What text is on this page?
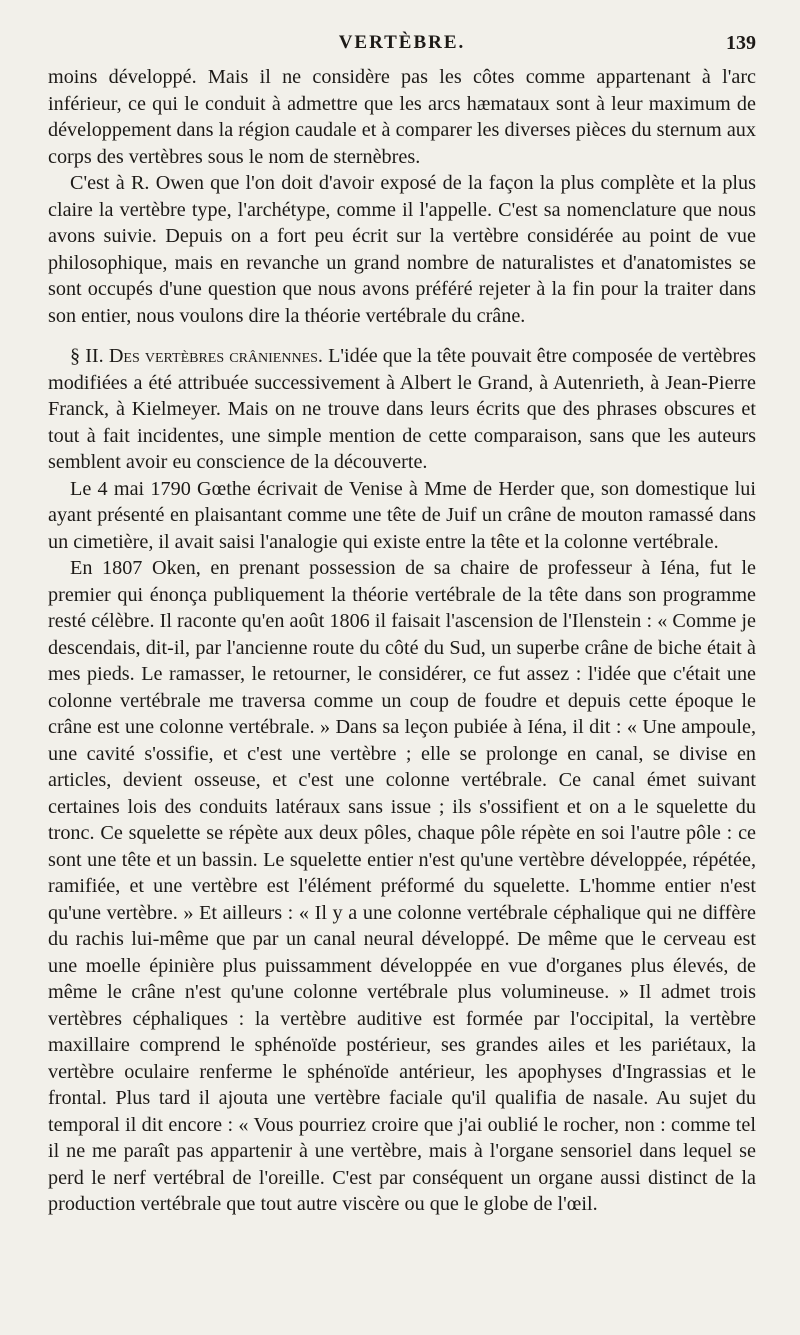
VERTÈBRE.	139

moins développé. Mais il ne considère pas les côtes comme appartenant à l'arc inférieur, ce qui le conduit à admettre que les arcs hæmataux sont à leur maximum de développement dans la région caudale et à comparer les diverses pièces du sternum aux corps des vertèbres sous le nom de sternèbres.

C'est à R. Owen que l'on doit d'avoir exposé de la façon la plus complète et la plus claire la vertèbre type, l'archétype, comme il l'appelle. C'est sa nomenclature que nous avons suivie. Depuis on a fort peu écrit sur la vertèbre considérée au point de vue philosophique, mais en revanche un grand nombre de naturalistes et d'anatomistes se sont occupés d'une question que nous avons préféré rejeter à la fin pour la traiter dans son entier, nous voulons dire la théorie vertébrale du crâne.

§ II. Des vertèbres crâniennes. L'idée que la tête pouvait être composée de vertèbres modifiées a été attribuée successivement à Albert le Grand, à Autenrieth, à Jean-Pierre Franck, à Kielmeyer. Mais on ne trouve dans leurs écrits que des phrases obscures et tout à fait incidentes, une simple mention de cette comparaison, sans que les auteurs semblent avoir eu conscience de la découverte.

Le 4 mai 1790 Gœthe écrivait de Venise à Mme de Herder que, son domestique lui ayant présenté en plaisantant comme une tête de Juif un crâne de mouton ramassé dans un cimetière, il avait saisi l'analogie qui existe entre la tête et la colonne vertébrale.

En 1807 Oken, en prenant possession de sa chaire de professeur à Iéna, fut le premier qui énonça publiquement la théorie vertébrale de la tête dans son programme resté célèbre. Il raconte qu'en août 1806 il faisait l'ascension de l'Ilenstein : « Comme je descendais, dit-il, par l'ancienne route du côté du Sud, un superbe crâne de biche était à mes pieds. Le ramasser, le retourner, le considérer, ce fut assez : l'idée que c'était une colonne vertébrale me traversa comme un coup de foudre et depuis cette époque le crâne est une colonne vertébrale. » Dans sa leçon pubiée à Iéna, il dit : « Une ampoule, une cavité s'ossifie, et c'est une vertèbre ; elle se prolonge en canal, se divise en articles, devient osseuse, et c'est une colonne vertébrale. Ce canal émet suivant certaines lois des conduits latéraux sans issue ; ils s'ossifient et on a le squelette du tronc. Ce squelette se répète aux deux pôles, chaque pôle répète en soi l'autre pôle : ce sont une tête et un bassin. Le squelette entier n'est qu'une vertèbre développée, répétée, ramifiée, et une vertèbre est l'élément préformé du squelette. L'homme entier n'est qu'une vertèbre. » Et ailleurs : « Il y a une colonne vertébrale céphalique qui ne diffère du rachis lui-même que par un canal neural développé. De même que le cerveau est une moelle épinière plus puissamment développée en vue d'organes plus élevés, de même le crâne n'est qu'une colonne vertébrale plus volumineuse. » Il admet trois vertèbres céphaliques : la vertèbre auditive est formée par l'occipital, la vertèbre maxillaire comprend le sphénoïde postérieur, ses grandes ailes et les pariétaux, la vertèbre oculaire renferme le sphénoïde antérieur, les apophyses d'Ingrassias et le frontal. Plus tard il ajouta une vertèbre faciale qu'il qualifia de nasale. Au sujet du temporal il dit encore : « Vous pourriez croire que j'ai oublié le rocher, non : comme tel il ne me paraît pas appartenir à une vertèbre, mais à l'organe sensoriel dans lequel se perd le nerf vertébral de l'oreille. C'est par conséquent un organe aussi distinct de la production vertébrale que tout autre viscère ou que le globe de l'œil.
